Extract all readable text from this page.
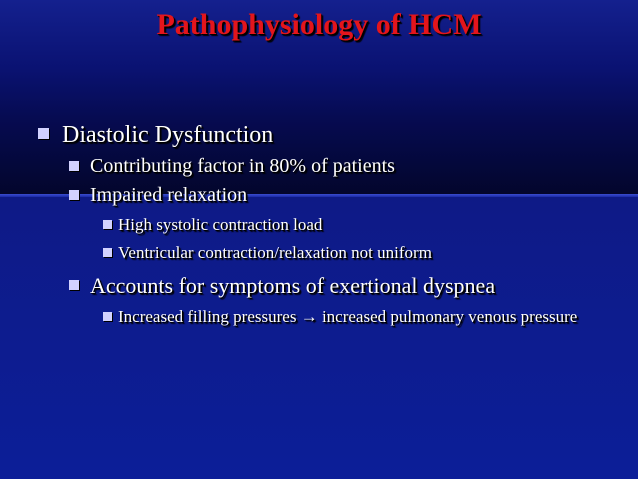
Pathophysiology of HCM
Diastolic Dysfunction
Contributing factor in 80% of patients
Impaired relaxation
High systolic contraction load
Ventricular contraction/relaxation not uniform
Accounts for symptoms of exertional dyspnea
Increased filling pressures → increased pulmonary venous pressure
